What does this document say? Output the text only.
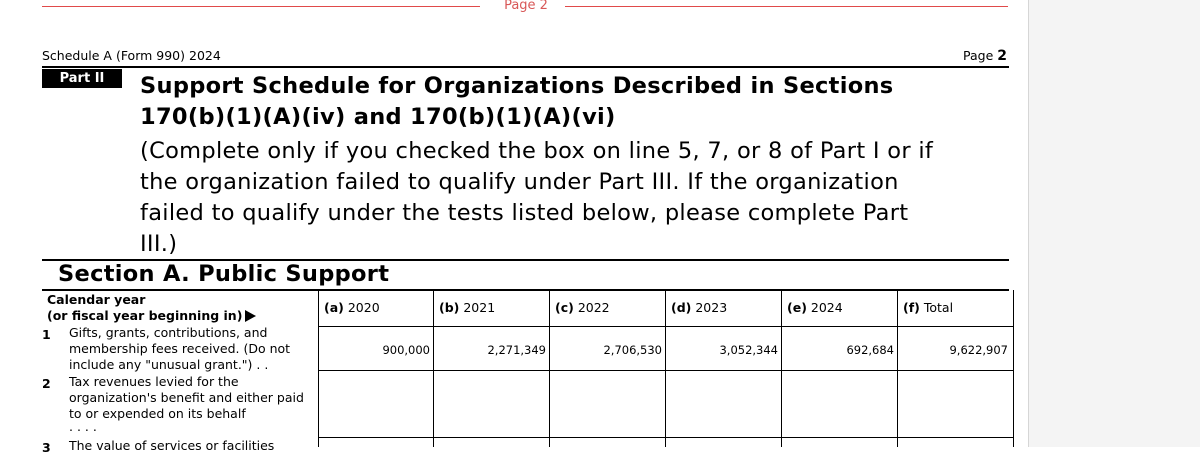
Page 2
Schedule A (Form 990) 2024	Page 2
Part II	Support Schedule for Organizations Described in Sections
170(b)(1)(A)(iv) and 170(b)(1)(A)(vi)
(Complete only if you checked the box on line 5, 7, or 8 of Part I or if
the organization failed to qualify under Part III. If the organization
failed to qualify under the tests listed below, please complete Part
III.)
Section A. Public Support
Calendar year
(or fiscal year beginning in)
(a) 2020	(b) 2021	(c) 2022	(d) 2023	(e) 2024	(f) Total
1 Gifts, grants, contributions, and
membership fees received. (Do not
include any "unusual grant.") . .
900,000	2,271,349	2,706,530	3,052,344	692,684	9,622,907
2 Tax revenues levied for the
organization's benefit and either paid
to or expended on its behalf
. . . .
3 The value of services or facilities
